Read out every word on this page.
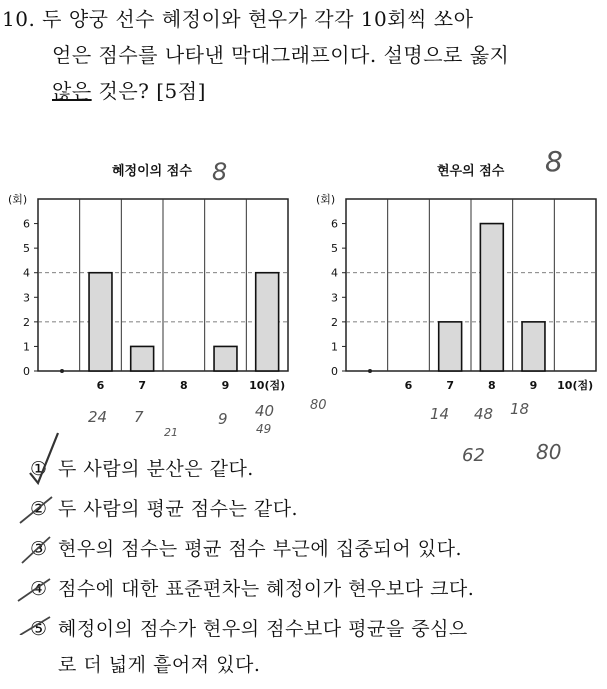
10. 두 양궁 선수 혜정이와 현우가 각각 10회씩 쏘아
얻은 점수를 나타낸 막대그래프이다. 설명으로 옳지
않은 것은? [5점]
혜정이의 점수	현우의 점수
8	8
0
1
2
3
4
5
6
(회)
6	7	8	9 10(점)
0
1
2
3
4
5
6
(회)
6	7	8	9 10(점)
24 7	9 40
21	49
80	14 48 18
62	80
① 두 사람의 분산은 같다.
② 두 사람의 평균 점수는 같다.
③ 현우의 점수는 평균 점수 부근에 집중되어 있다.
④ 점수에 대한 표준편차는 혜정이가 현우보다 크다.
⑤ 혜정이의 점수가 현우의 점수보다 평균을 중심으
로 더 넓게 흩어져 있다.
